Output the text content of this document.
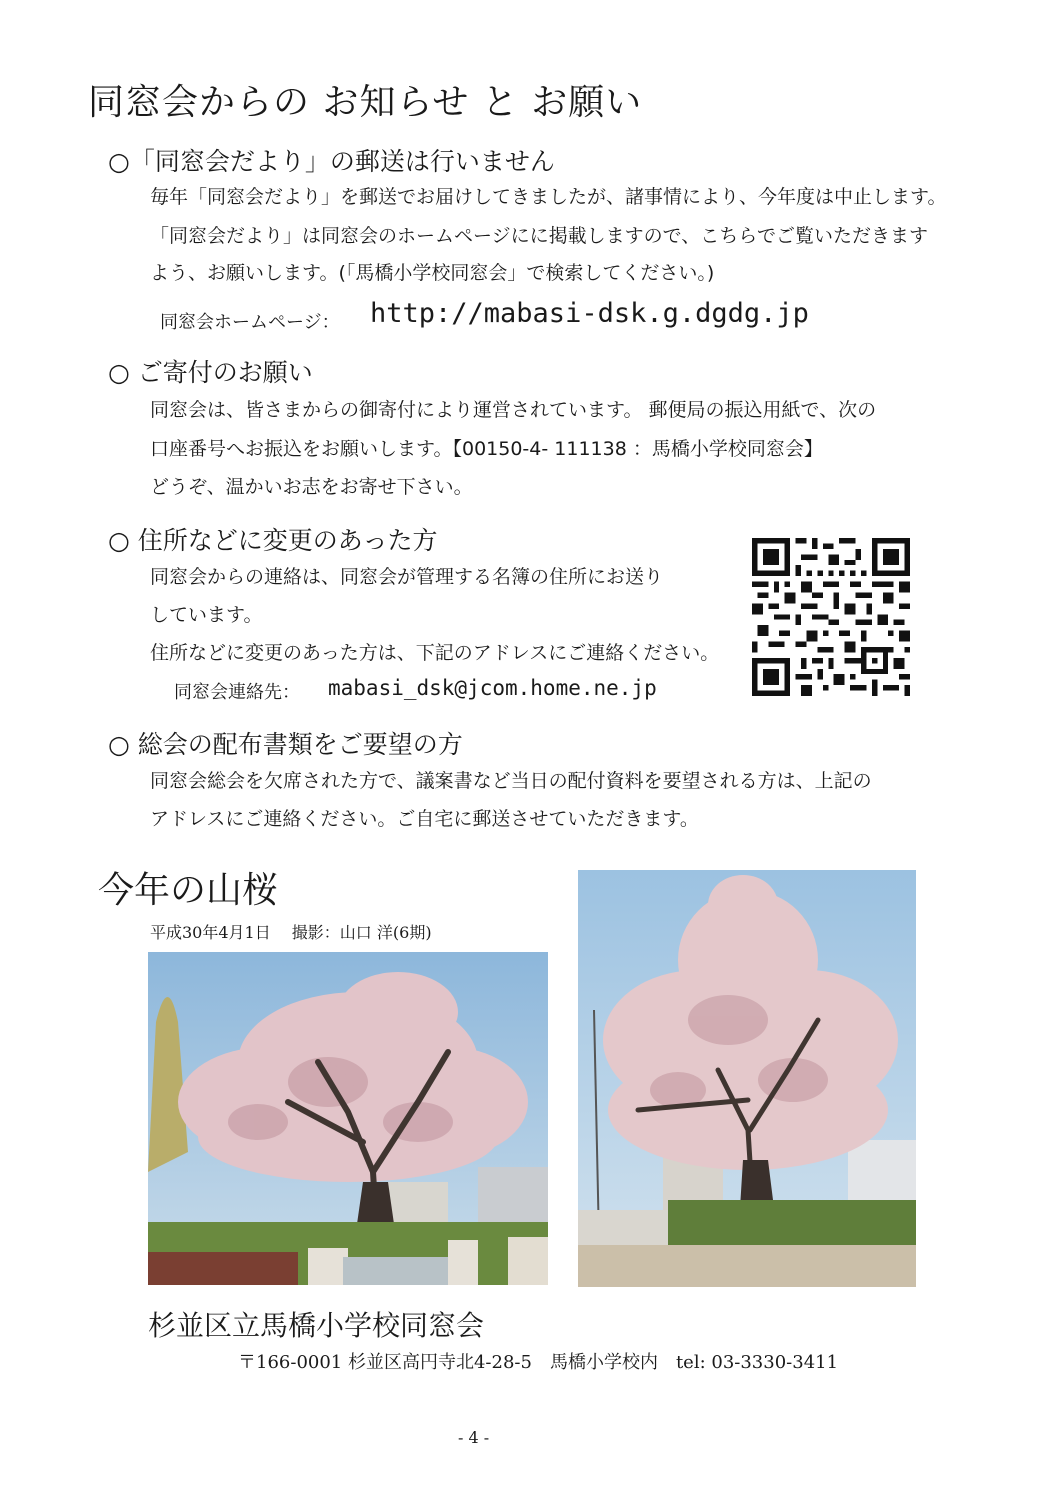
同窓会からの お知らせ と お願い
○「同窓会だより」の郵送は行いません
毎年「同窓会だより」を郵送でお届けしてきましたが、諸事情により、今年度は中止します。
「同窓会だより」は同窓会のホームページにに掲載しますので、こちらでご覧いただきます
よう、お願いします。(「馬橋小学校同窓会」で検索してください。)
同窓会ホームページ： http://mabasi-dsk.g.dgdg.jp
○ ご寄付のお願い
同窓会は、皆さまからの御寄付により運営されています。 郵便局の振込用紙で、次の
口座番号へお振込をお願いします。【00150-4- 111138 ：馬橋小学校同窓会】
どうぞ、温かいお志をお寄せ下さい。
○ 住所などに変更のあった方
同窓会からの連絡は、同窓会が管理する名簿の住所にお送り
しています。
住所などに変更のあった方は、下記のアドレスにご連絡ください。
同窓会連絡先： mabasi_dsk@jcom.home.ne.jp
○ 総会の配布書類をご要望の方
同窓会総会を欠席された方で、議案書など当日の配付資料を要望される方は、上記の
アドレスにご連絡ください。ご自宅に郵送させていただきます。
今年の山桜
平成30年4月1日　 撮影：山口 洋(6期)
杉並区立馬橋小学校同窓会
〒166-0001 杉並区高円寺北4-28-5　馬橋小学校内　tel: 03-3330-3411
- 4 -
